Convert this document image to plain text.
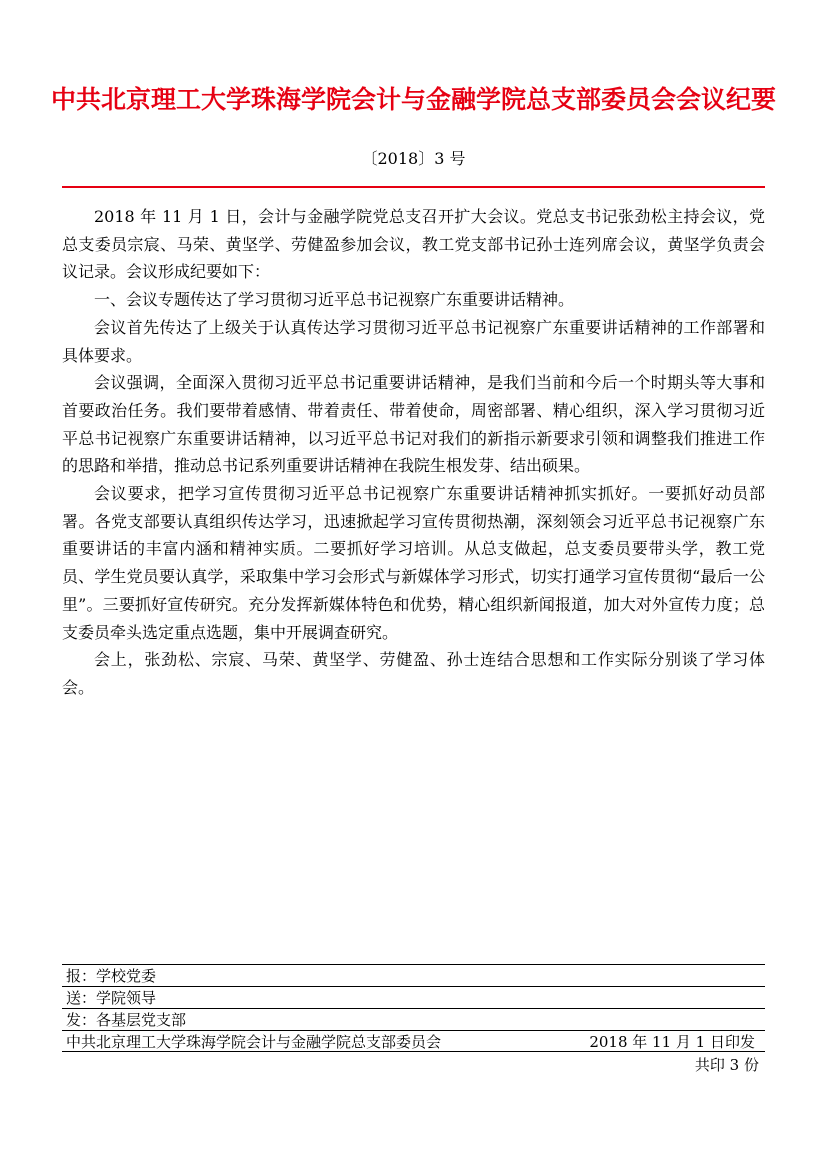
中共北京理工大学珠海学院会计与金融学院总支部委员会会议纪要
〔2018〕3 号

2018 年 11 月 1 日，会计与金融学院党总支召开扩大会议。党总支书记张劲松主持会议，党总支委员宗宸、马荣、黄坚学、劳健盈参加会议，教工党支部书记孙士连列席会议，黄坚学负责会议记录。会议形成纪要如下：

一、会议专题传达了学习贯彻习近平总书记视察广东重要讲话精神。

会议首先传达了上级关于认真传达学习贯彻习近平总书记视察广东重要讲话精神的工作部署和具体要求。

会议强调，全面深入贯彻习近平总书记重要讲话精神，是我们当前和今后一个时期头等大事和首要政治任务。我们要带着感情、带着责任、带着使命，周密部署、精心组织，深入学习贯彻习近平总书记视察广东重要讲话精神，以习近平总书记对我们的新指示新要求引领和调整我们推进工作的思路和举措，推动总书记系列重要讲话精神在我院生根发芽、结出硕果。

会议要求，把学习宣传贯彻习近平总书记视察广东重要讲话精神抓实抓好。一要抓好动员部署。各党支部要认真组织传达学习，迅速掀起学习宣传贯彻热潮，深刻领会习近平总书记视察广东重要讲话的丰富内涵和精神实质。二要抓好学习培训。从总支做起，总支委员要带头学，教工党员、学生党员要认真学，采取集中学习会形式与新媒体学习形式，切实打通学习宣传贯彻“最后一公里”。三要抓好宣传研究。充分发挥新媒体特色和优势，精心组织新闻报道，加大对外宣传力度；总支委员牵头选定重点选题，集中开展调查研究。

会上，张劲松、宗宸、马荣、黄坚学、劳健盈、孙士连结合思想和工作实际分别谈了学习体会。

报：学校党委
送：学院领导
发：各基层党支部
中共北京理工大学珠海学院会计与金融学院总支部委员会	2018 年 11 月 1 日印发
共印 3 份
